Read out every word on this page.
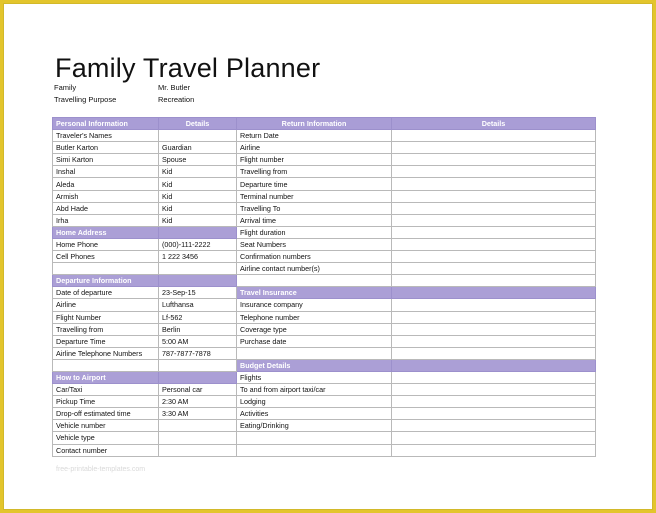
Family Travel Planner
Family	Mr. Butler
Travelling Purpose	Recreation
Personal Information	Details	Return Information	Details
Traveler's Names		Return Date	
Butler Karton	Guardian	Airline	
Simi Karton	Spouse	Flight number	
Inshal	Kid	Travelling from	
Aleda	Kid	Departure time	
Armish	Kid	Terminal number	
Abd Hade	Kid	Travelling To	
Irha	Kid	Arrival time	
Home Address		Flight duration	
Home Phone	(000)-111-2222	Seat Numbers	
Cell Phones	1 222 3456	Confirmation numbers	
		Airline contact number(s)	
Departure Information			
Date of departure	23-Sep-15	Travel Insurance	
Airline	Lufthansa	Insurance company	
Flight Number	Lf-562	Telephone number	
Travelling from	Berlin	Coverage type	
Departure Time	5:00 AM	Purchase date	
Airline Telephone Numbers	787-7877-7878		
		Budget Details	
How to Airport		Flights	
Car/Taxi	Personal car	To and from airport taxi/car	
Pickup Time	2:30 AM	Lodging	
Drop-off estimated time	3:30 AM	Activities	
Vehicle number		Eating/Drinking	
Vehicle type			
Contact number			
free-printable-templates.com
